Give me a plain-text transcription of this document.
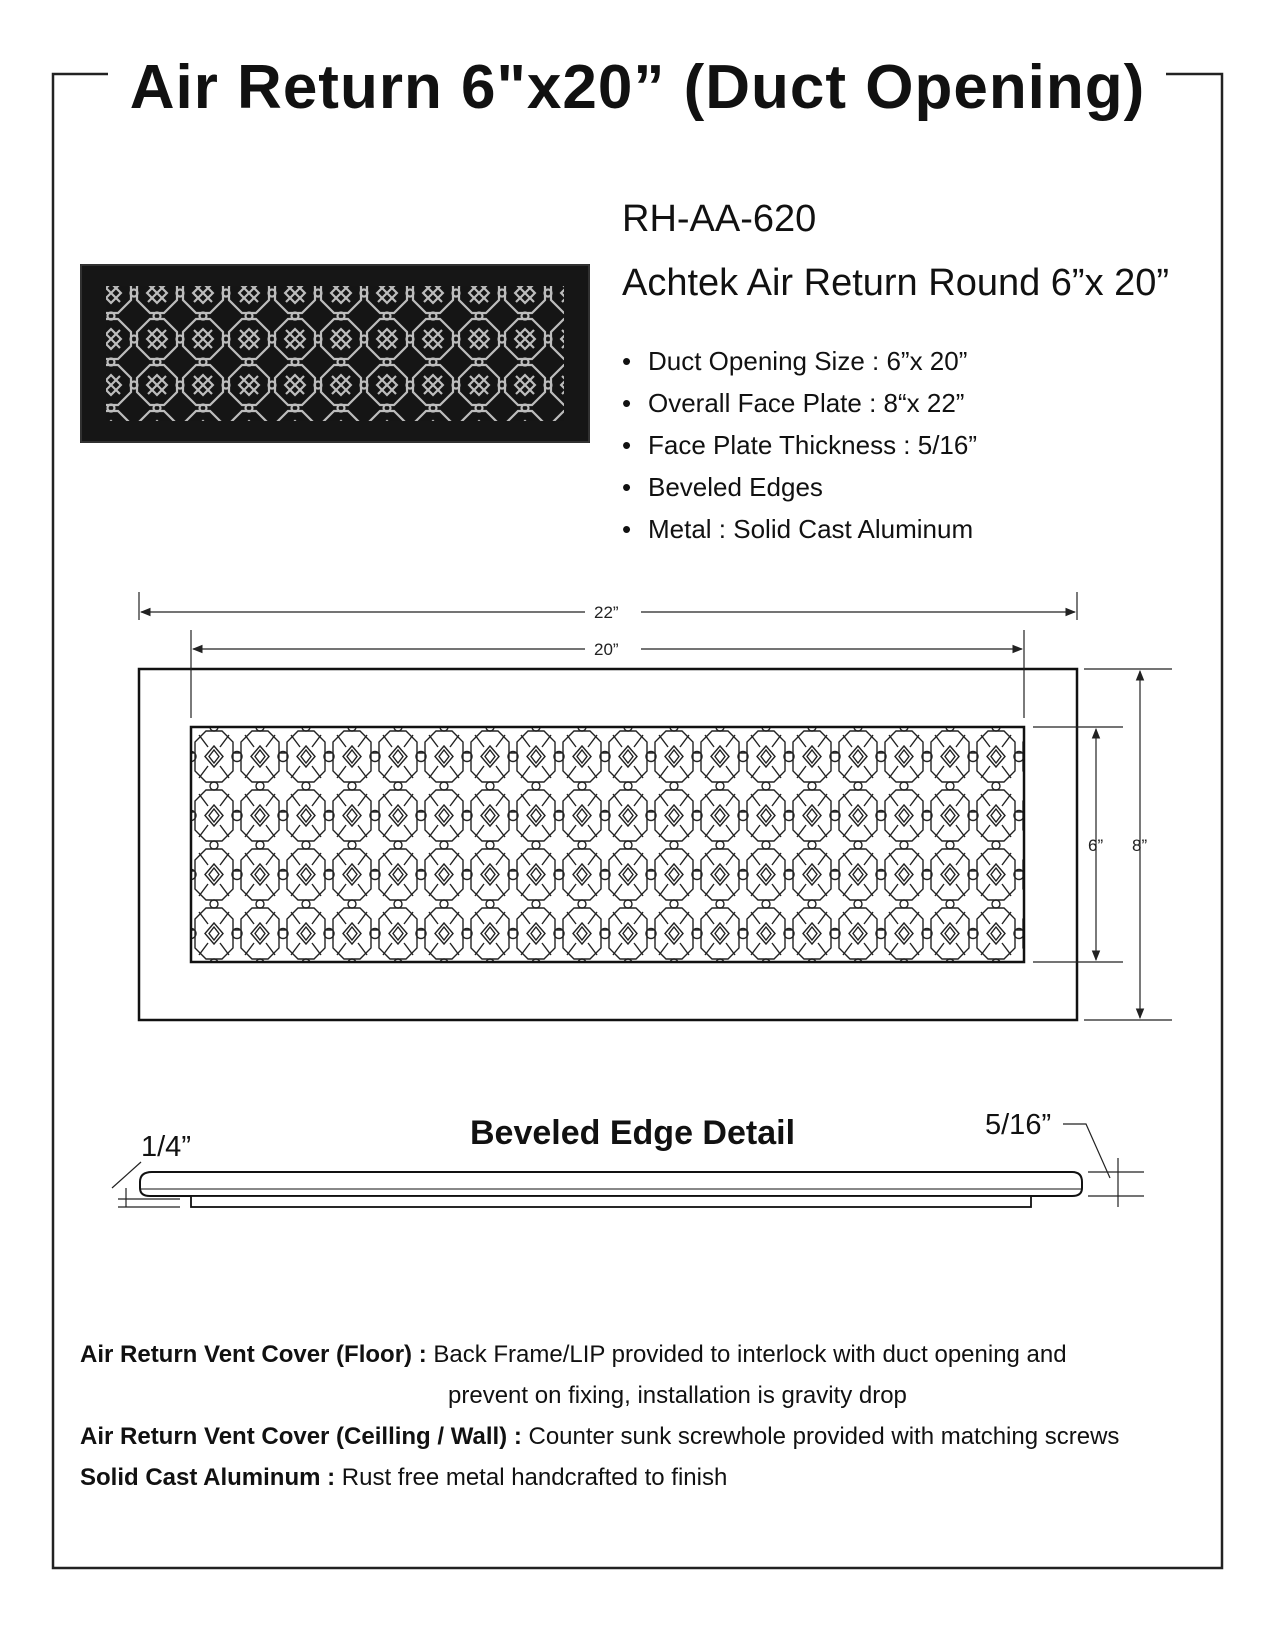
Air Return 6"x20” (Duct Opening)
RH-AA-620
Achtek Air Return Round 6”x 20”
• Duct Opening Size : 6”x 20”
• Overall Face Plate : 8“x 22”
• Face Plate Thickness : 5/16”
• Beveled Edges
• Metal : Solid Cast Aluminum
22”
20”
6” 8”
Beveled Edge Detail
1/4”
5/16”
Air Return Vent Cover (Floor) : Back Frame/LIP provided to interlock with duct opening and
prevent on fixing, installation is gravity drop
Air Return Vent Cover (Ceilling / Wall) : Counter sunk screwhole provided with matching screws
Solid Cast Aluminum : Rust free metal handcrafted to finish
